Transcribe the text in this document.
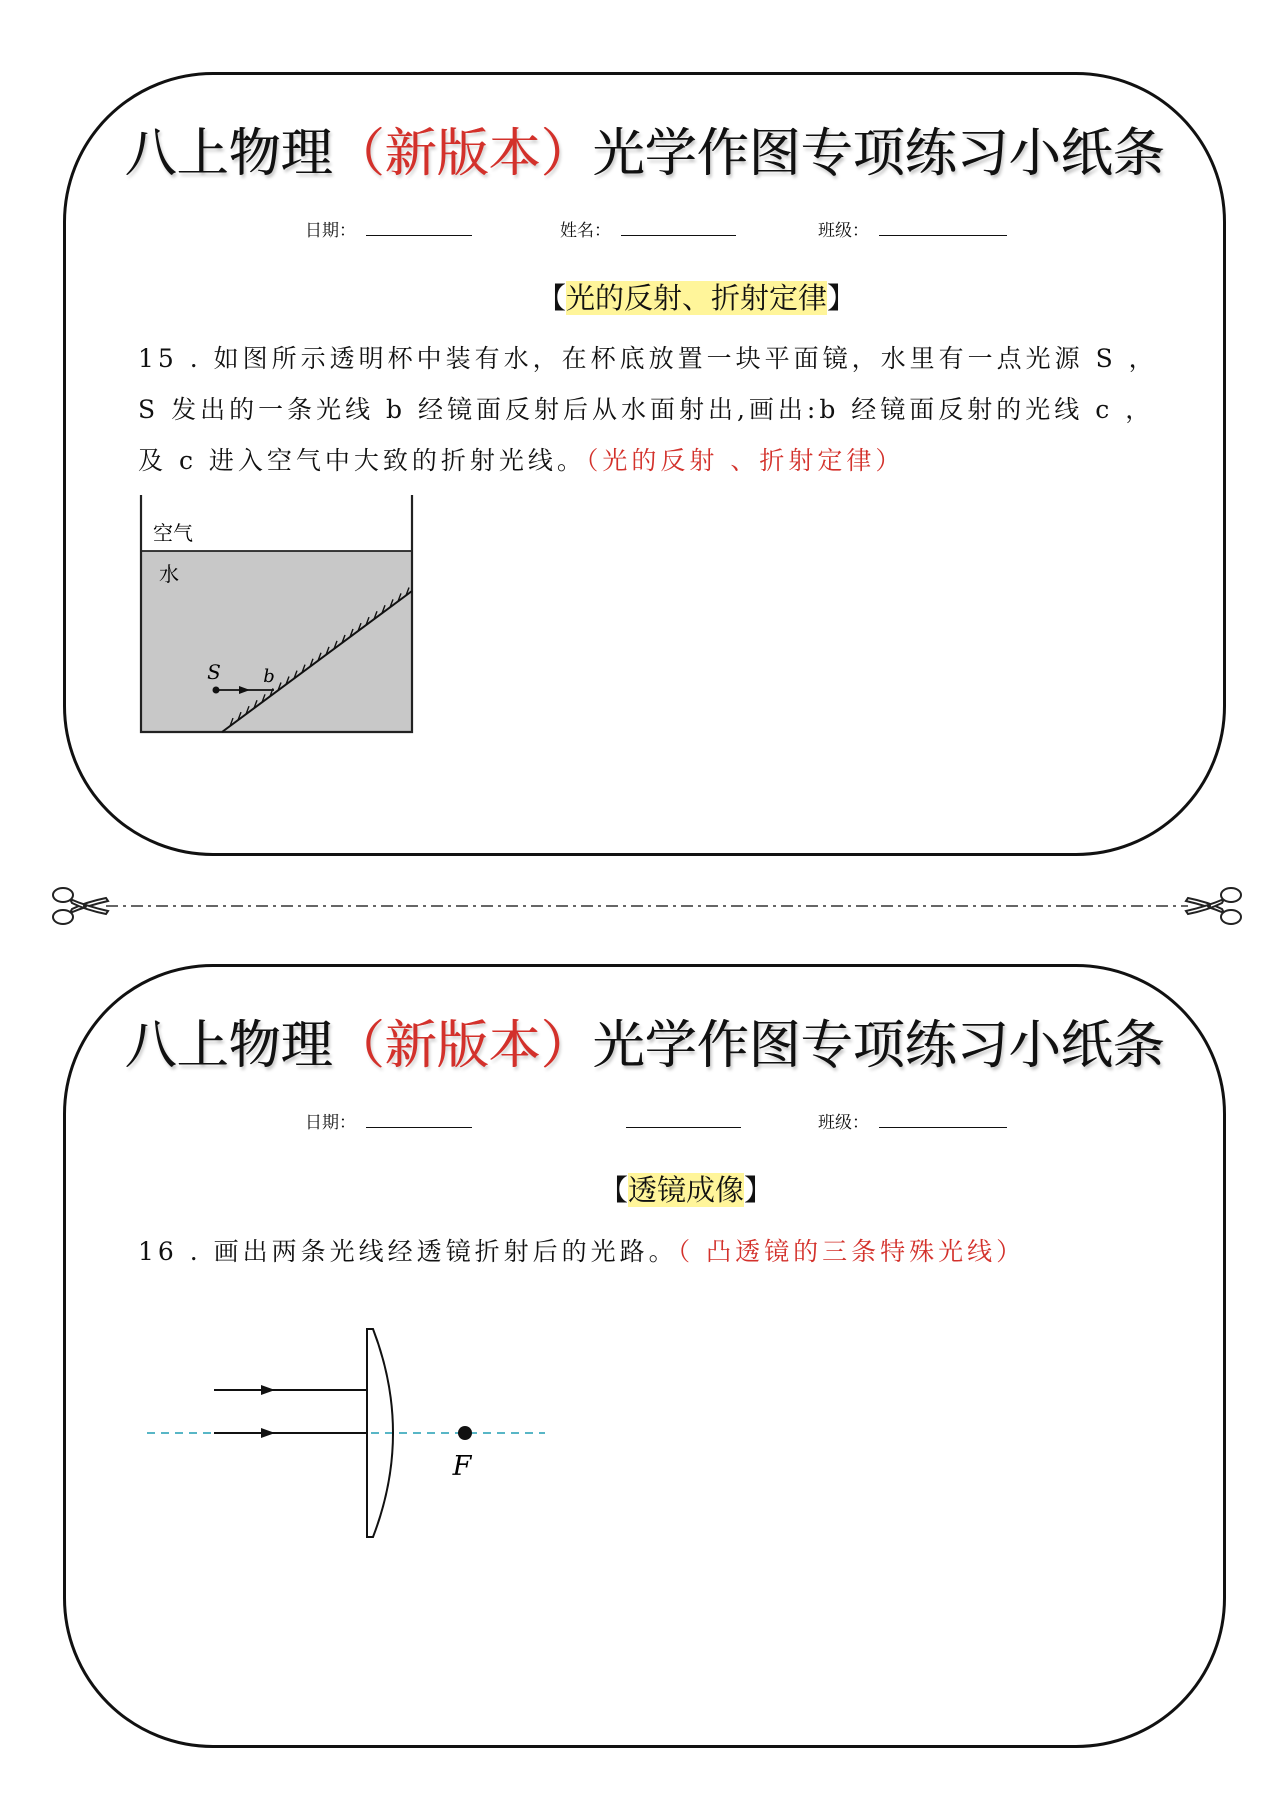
八上物理（新版本）光学作图专项练习小纸条
日期：	姓名：	班级：
【光的反射、折射定律】
15 . 如图所示透明杯中装有水，在杯底放置一块平面镜，水里有一点光源 S ，
S 发出的一条光线 b 经镜面反射后从水面射出,画出:b 经镜面反射的光线 c ，
及 c 进入空气中大致的折射光线。（光的反射 、折射定律）
S b
空气
水
八上物理（新版本）光学作图专项练习小纸条
日期：	班级：
【透镜成像】
16 . 画出两条光线经透镜折射后的光路。（ 凸透镜的三条特殊光线）
F
